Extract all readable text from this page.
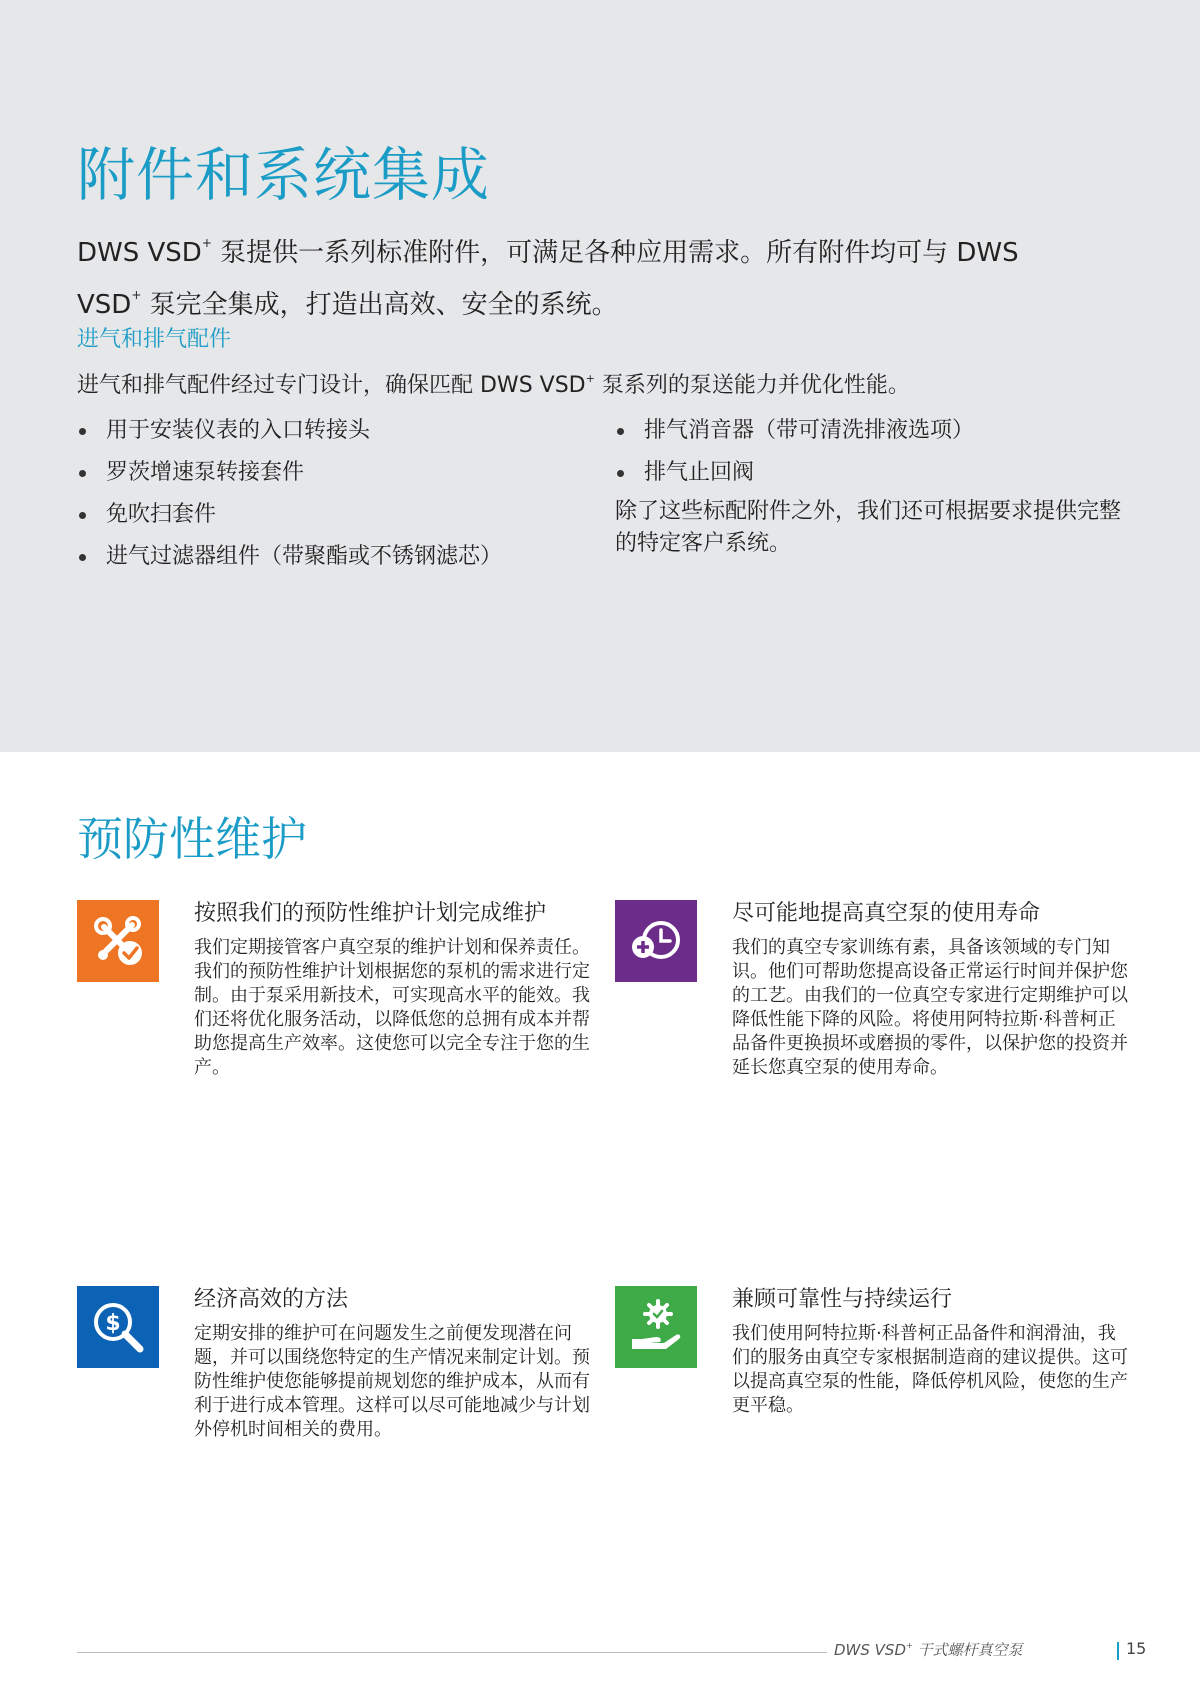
附件和系统集成

DWS VSD+ 泵提供一系列标准附件，可满足各种应用需求。所有附件均可与 DWS
VSD+ 泵完全集成，打造出高效、安全的系统。

进气和排气配件

进气和排气配件经过专门设计，确保匹配 DWS VSD+ 泵系列的泵送能力并优化性能。

用于安装仪表的入口转接头
罗茨增速泵转接套件
免吹扫套件
进气过滤器组件（带聚酯或不锈钢滤芯）
排气消音器（带可清洗排液选项）
排气止回阀

除了这些标配附件之外，我们还可根据要求提供完整的特定客户系统。

预防性维护
按照我们的预防性维护计划完成维护

我们定期接管客户真空泵的维护计划和保养责任。我们的预防性维护计划根据您的泵机的需求进行定制。由于泵采用新技术，可实现高水平的能效。我们还将优化服务活动，以降低您的总拥有成本并帮助您提高生产效率。这使您可以完全专注于您的生产。

尽可能地提高真空泵的使用寿命

我们的真空专家训练有素，具备该领域的专门知识。他们可帮助您提高设备正常运行时间并保护您的工艺。由我们的一位真空专家进行定期维护可以降低性能下降的风险。将使用阿特拉斯·科普柯正品备件更换损坏或磨损的零件，以保护您的投资并延长您真空泵的使用寿命。

$
经济高效的方法

定期安排的维护可在问题发生之前便发现潜在问题，并可以围绕您特定的生产情况来制定计划。预防性维护使您能够提前规划您的维护成本，从而有利于进行成本管理。这样可以尽可能地减少与计划外停机时间相关的费用。

兼顾可靠性与持续运行

我们使用阿特拉斯·科普柯正品备件和润滑油，我们的服务由真空专家根据制造商的建议提供。这可以提高真空泵的性能，降低停机风险，使您的生产更平稳。

DWS VSD+ 干式螺杆真空泵	15
